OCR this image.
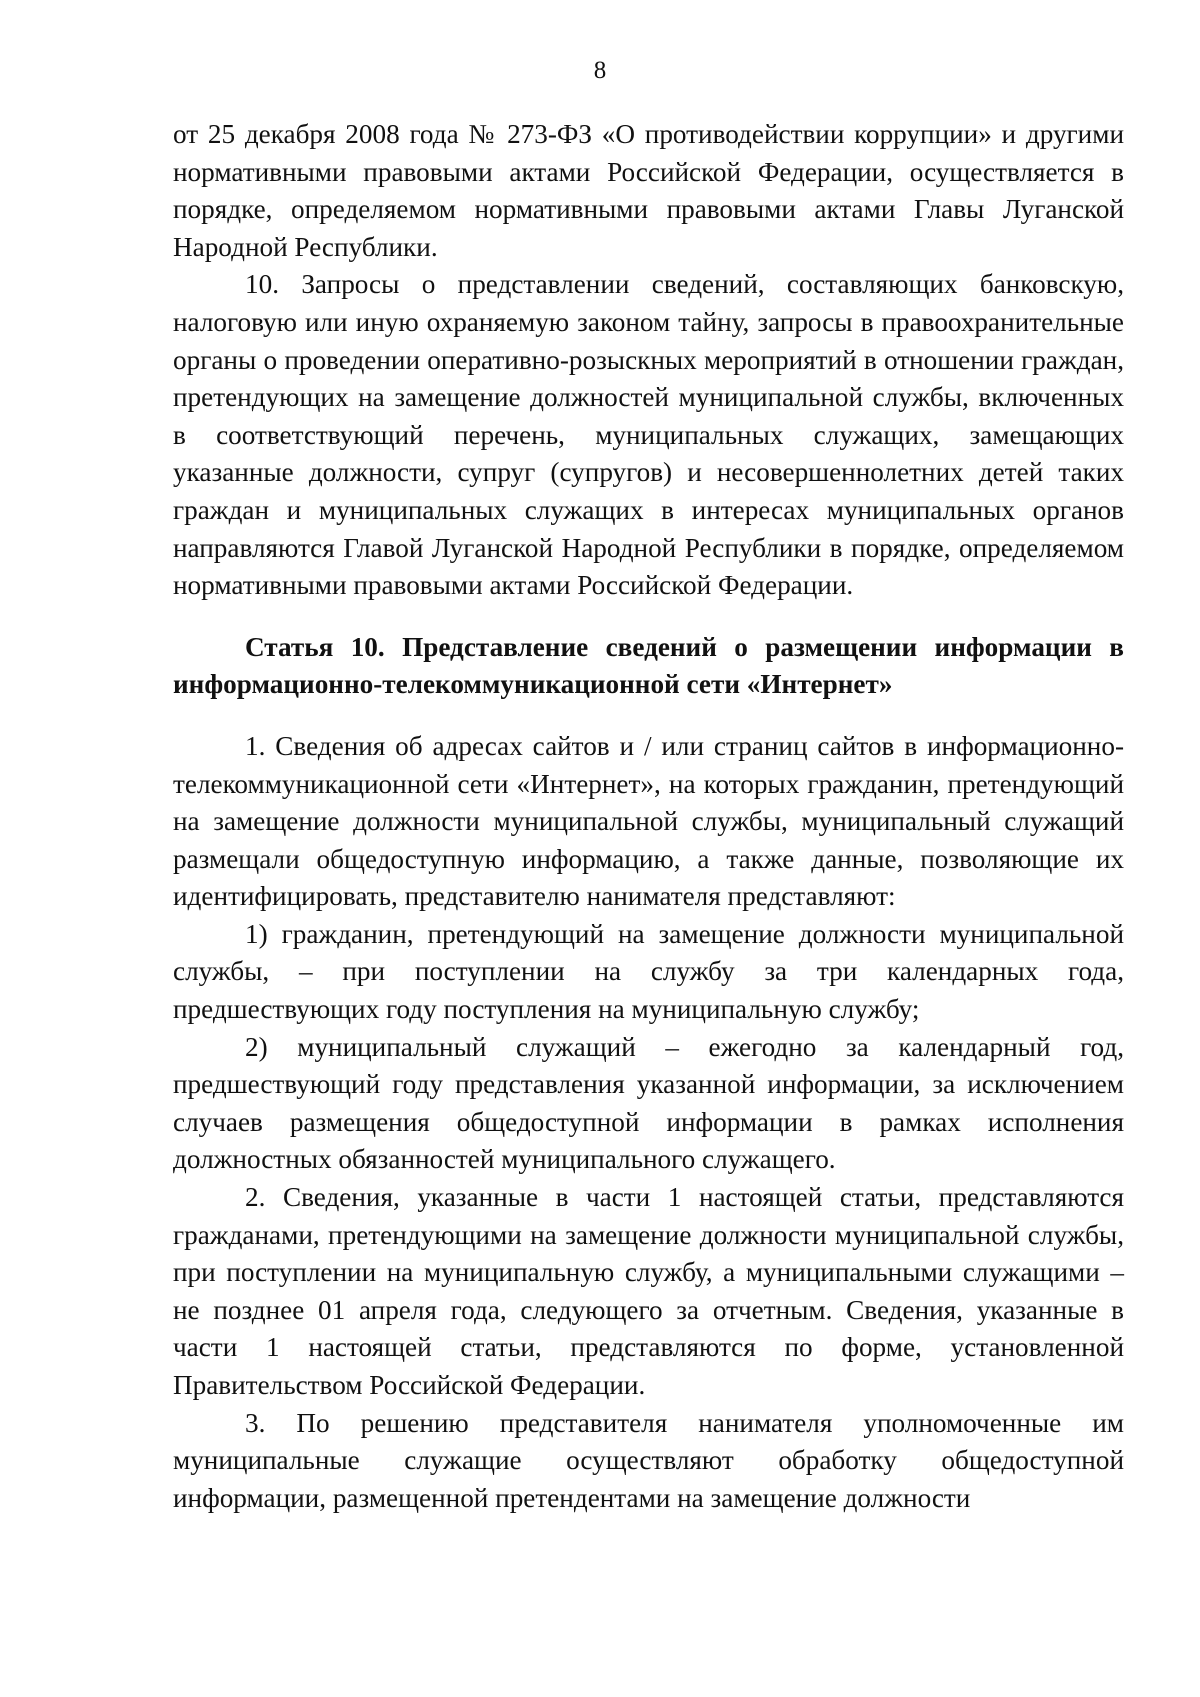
8

от 25 декабря 2008 года № 273-ФЗ «О противодействии коррупции» и другими нормативными правовыми актами Российской Федерации, осуществляется в порядке, определяемом нормативными правовыми актами Главы Луганской Народной Республики.

10. Запросы о представлении сведений, составляющих банковскую, налоговую или иную охраняемую законом тайну, запросы в правоохранительные органы о проведении оперативно-розыскных мероприятий в отношении граждан, претендующих на замещение должностей муниципальной службы, включенных в соответствующий перечень, муниципальных служащих, замещающих указанные должности, супруг (супругов) и несовершеннолетних детей таких граждан и муниципальных служащих в интересах муниципальных органов направляются Главой Луганской Народной Республики в порядке, определяемом нормативными правовыми актами Российской Федерации.

Статья 10. Представление сведений о размещении информации в информационно-телекоммуникационной сети «Интернет»

1. Сведения об адресах сайтов и / или страниц сайтов в информационно-телекоммуникационной сети «Интернет», на которых гражданин, претендующий на замещение должности муниципальной службы, муниципальный служащий размещали общедоступную информацию, а также данные, позволяющие их идентифицировать, представителю нанимателя представляют:

1) гражданин, претендующий на замещение должности муниципальной службы, – при поступлении на службу за три календарных года, предшествующих году поступления на муниципальную службу;

2) муниципальный служащий – ежегодно за календарный год, предшествующий году представления указанной информации, за исключением случаев размещения общедоступной информации в рамках исполнения должностных обязанностей муниципального служащего.

2. Сведения, указанные в части 1 настоящей статьи, представляются гражданами, претендующими на замещение должности муниципальной службы, при поступлении на муниципальную службу, а муниципальными служащими – не позднее 01 апреля года, следующего за отчетным. Сведения, указанные в части 1 настоящей статьи, представляются по форме, установленной Правительством Российской Федерации.

3. По решению представителя нанимателя уполномоченные им муниципальные служащие осуществляют обработку общедоступной информации, размещенной претендентами на замещение должности
